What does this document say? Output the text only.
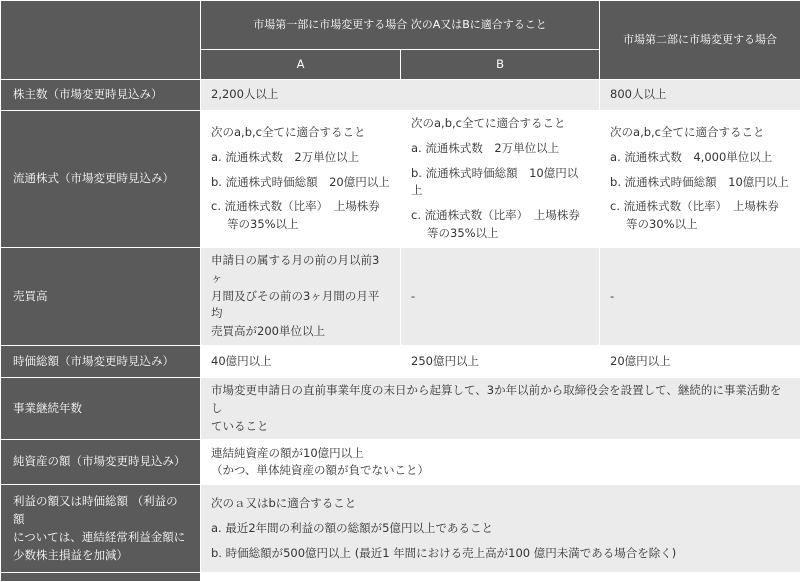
	市場第一部に市場変更する場合 次のA又はBに適合すること		市場第二部に市場変更する場合
	A	B	
株主数（市場変更時見込み）	2,200人以上		800人以上
流通株式（市場変更時見込み）	次のa,b,c全てに適合すること
a. 流通株式数　2万単位以上
b. 流通株式時価総額　20億円以上
c. 流通株式数（比率）　上場株券
等の35%以上	次のa,b,c全てに適合すること
a. 流通株式数　2万単位以上
b. 流通株式時価総額　10億円以上
c. 流通株式数（比率）　上場株券
等の35%以上	次のa,b,c全てに適合すること
a. 流通株式数　4,000単位以上
b. 流通株式時価総額　10億円以上
c. 流通株式数（比率）　上場株券
等の30%以上

売買高	申請日の属する月の前の月以前3ヶ
月間及びその前の3ヶ月間の月平均
売買高が200単位以上	-	-
時価総額（市場変更時見込み）	40億円以上	250億円以上	20億円以上
事業継続年数	市場変更申請日の直前事業年度の末日から起算して、3か年以前から取締役会を設置して、継続的に事業活動をし
ていること		

純資産の額（市場変更時見込み）	連結純資産の額が10億円以上
（かつ、単体純資産の額が負でないこと）		

利益の額又は時価総額 （利益の額
については、連結経常利益金額に
少数株主損益を加減）	次のａ又はbに適合すること
a. 最近2年間の利益の額の総額が5億円以上であること
b. 時価総額が500億円以上 (最近1 年間における売上高が100 億円未満である場合を除く)		
